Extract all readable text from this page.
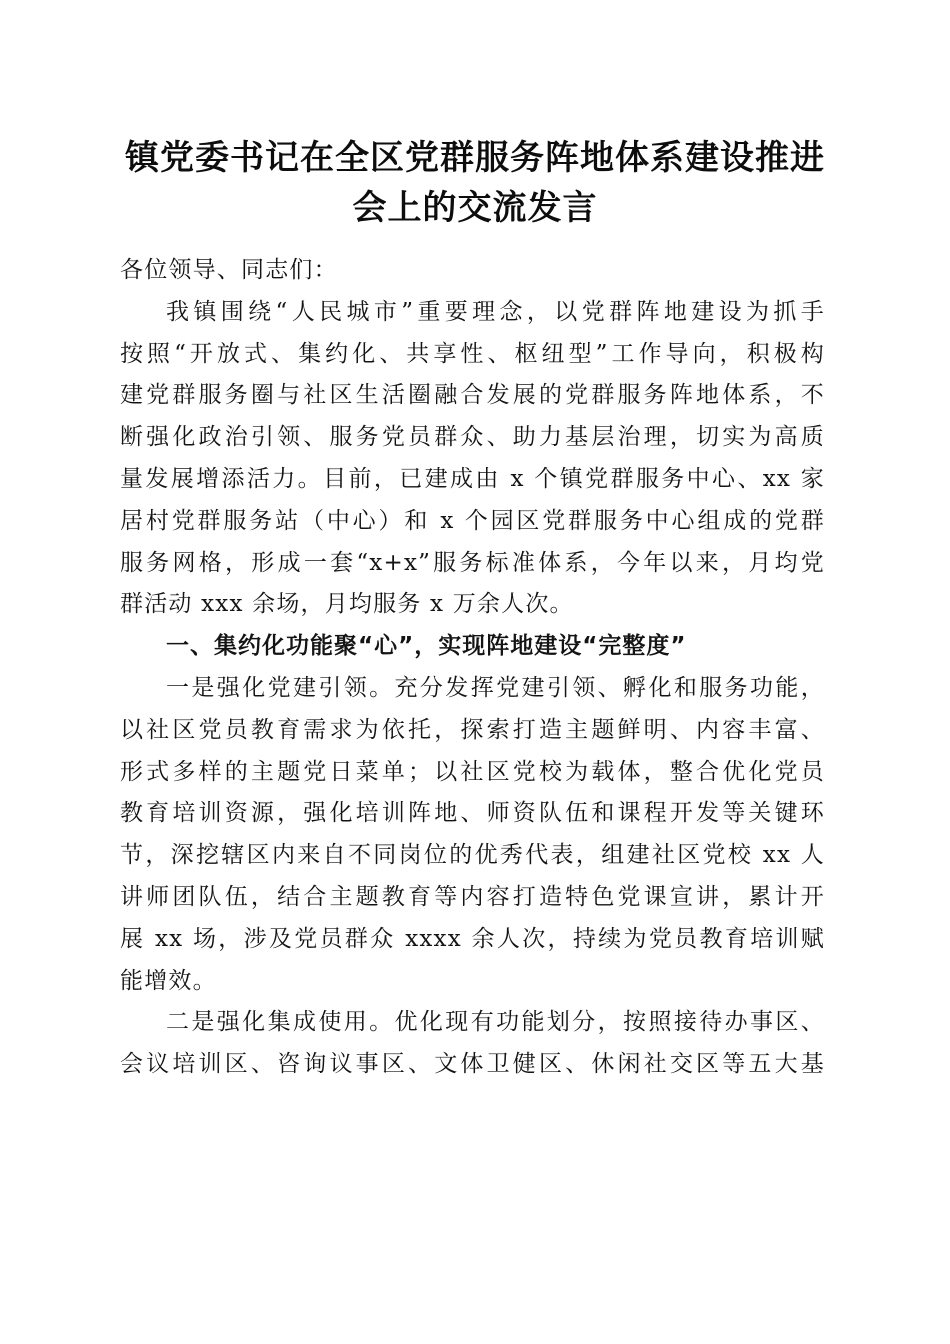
镇党委书记在全区党群服务阵地体系建设推进
会上的交流发言
各位领导、同志们：
我镇围绕“人民城市”重要理念，以党群阵地建设为抓手
按照“开放式、集约化、共享性、枢纽型”工作导向，积极构
建党群服务圈与社区生活圈融合发展的党群服务阵地体系，不
断强化政治引领、服务党员群众、助力基层治理，切实为高质
量发展增添活力。目前，已建成由 x 个镇党群服务中心、xx 家
居村党群服务站（中心）和 x 个园区党群服务中心组成的党群
服务网格，形成一套“x+x”服务标准体系，今年以来，月均党
群活动 xxx 余场，月均服务 x 万余人次。
一、集约化功能聚“心”，实现阵地建设“完整度”
一是强化党建引领。充分发挥党建引领、孵化和服务功能，
以社区党员教育需求为依托，探索打造主题鲜明、内容丰富、
形式多样的主题党日菜单；以社区党校为载体，整合优化党员
教育培训资源，强化培训阵地、师资队伍和课程开发等关键环
节，深挖辖区内来自不同岗位的优秀代表，组建社区党校 xx 人
讲师团队伍，结合主题教育等内容打造特色党课宣讲，累计开
展 xx 场，涉及党员群众 xxxx 余人次，持续为党员教育培训赋
能增效。
二是强化集成使用。优化现有功能划分，按照接待办事区、
会议培训区、咨询议事区、文体卫健区、休闲社交区等五大基
